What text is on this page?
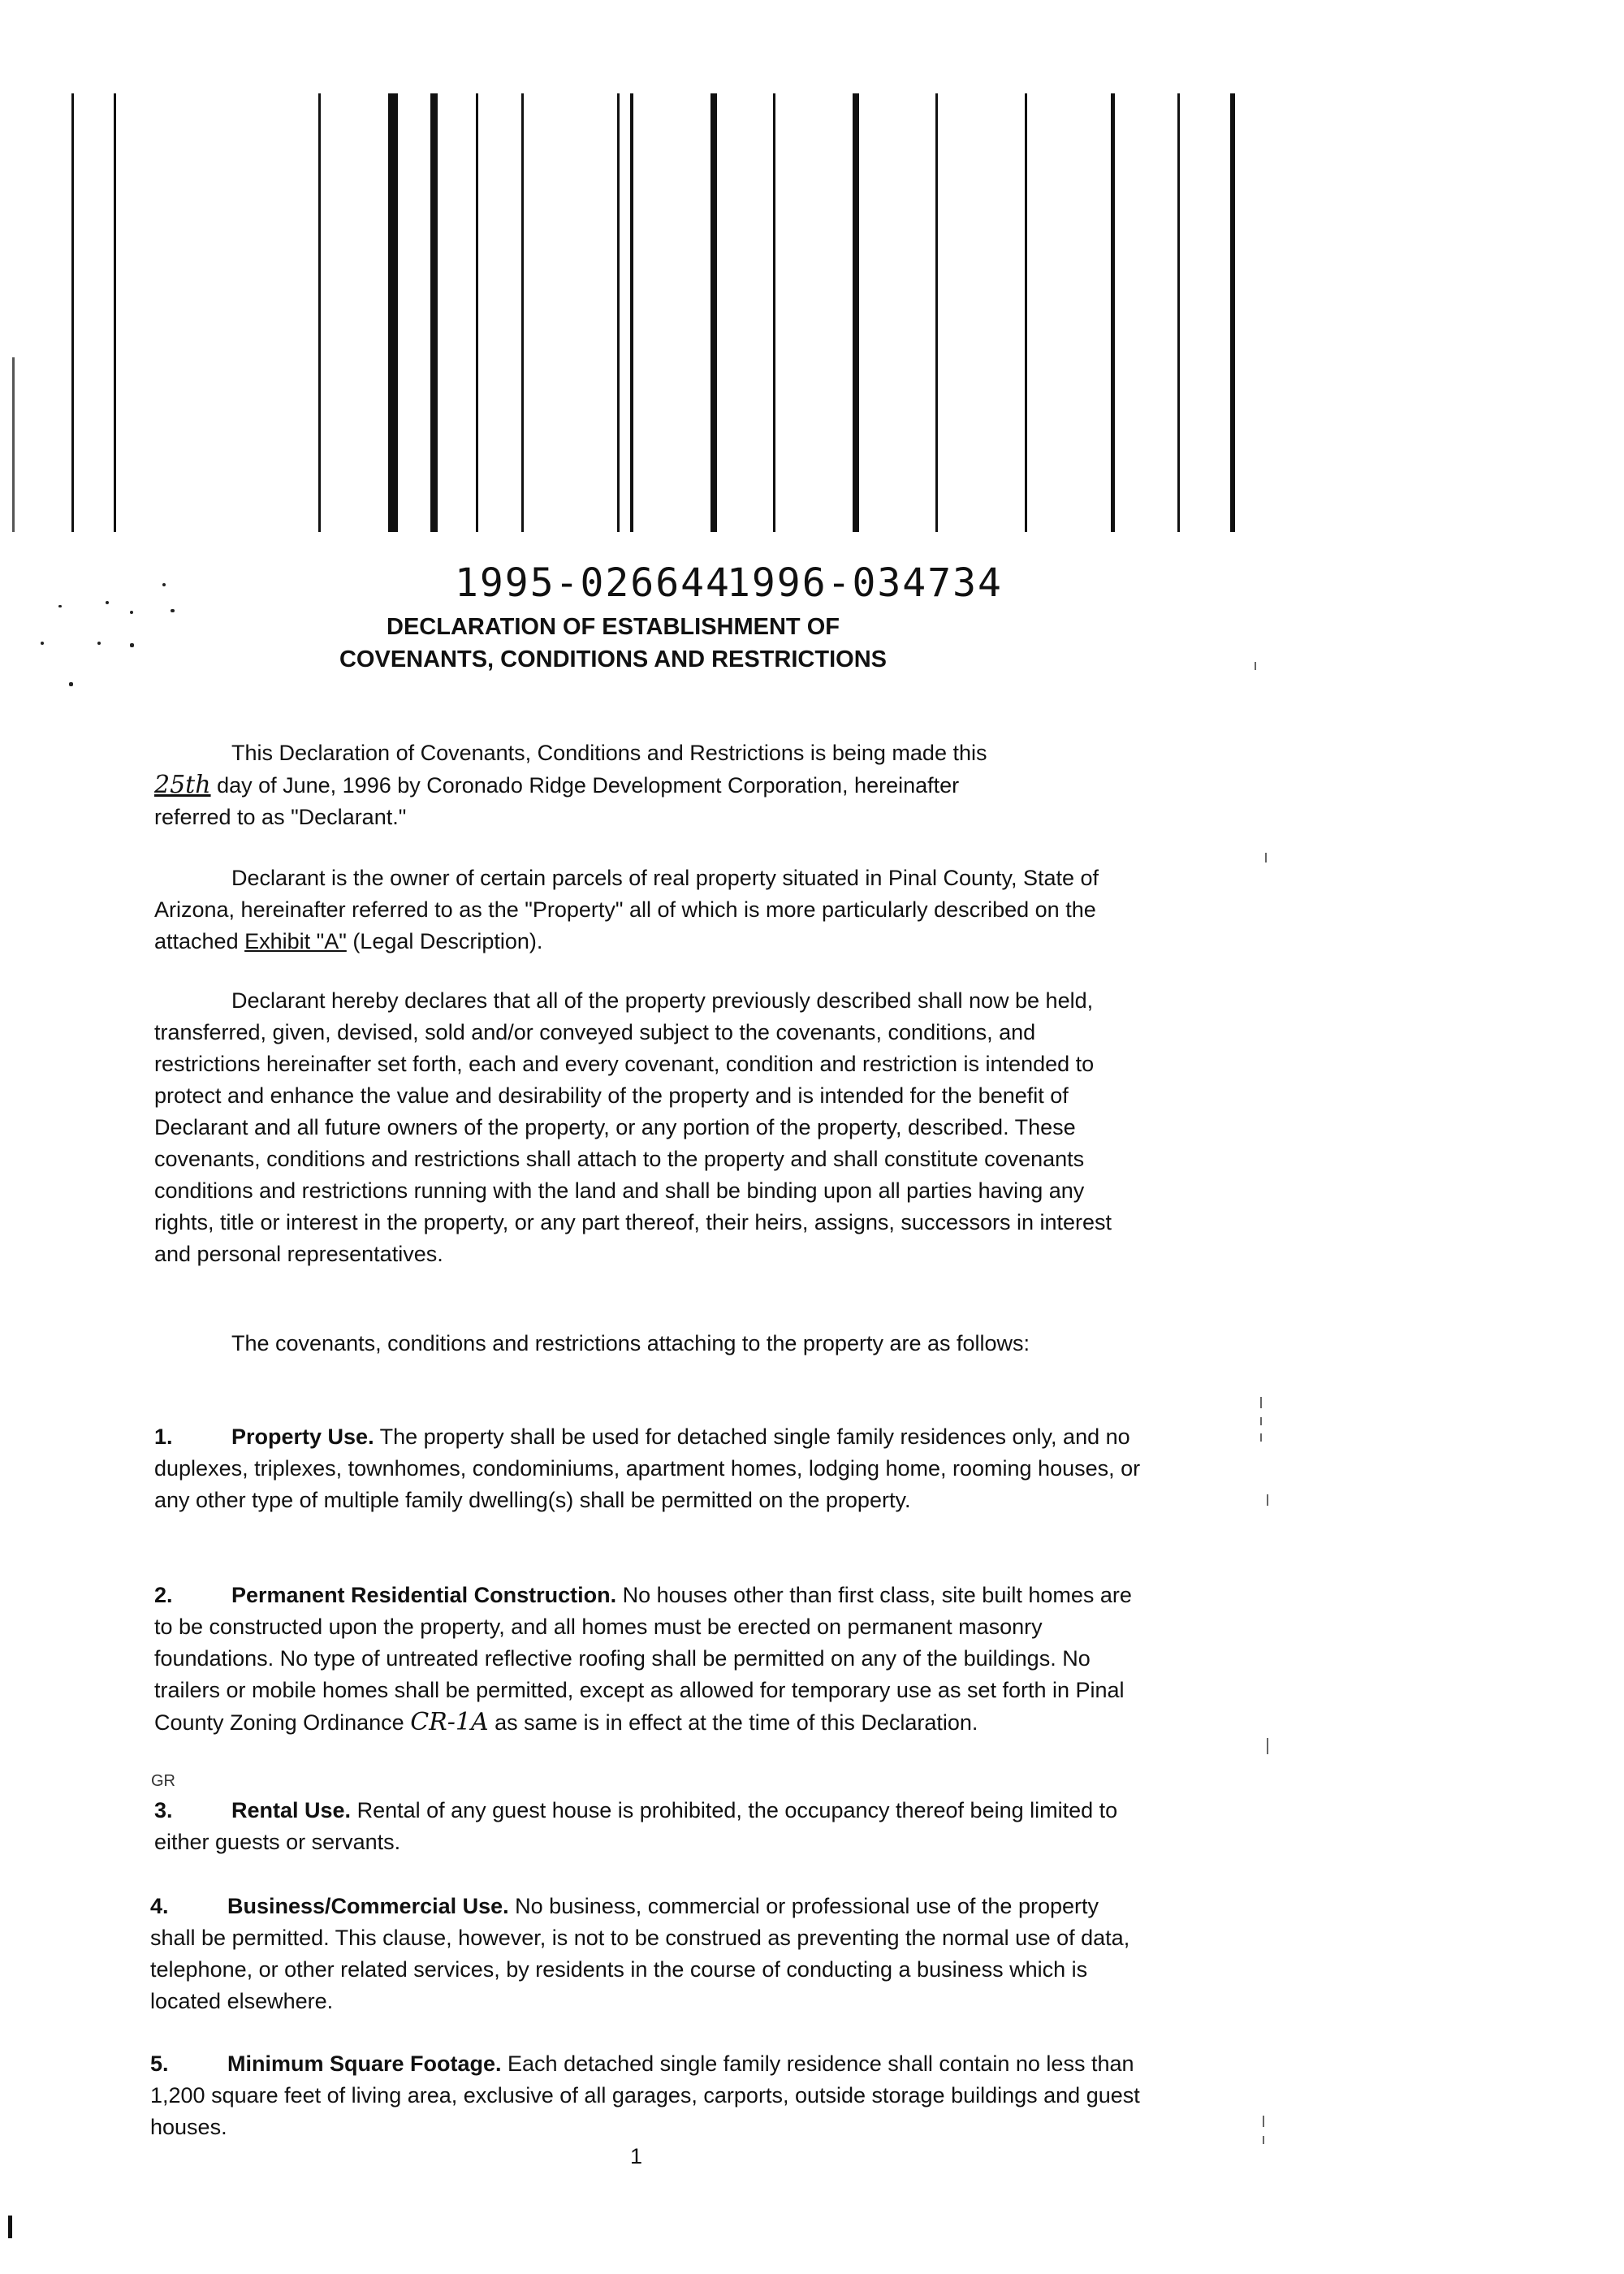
1995-026644
1996-034734
DECLARATION OF ESTABLISHMENT OF
COVENANTS, CONDITIONS AND RESTRICTIONS
This Declaration of Covenants, Conditions and Restrictions is being made this
25th day of June, 1996 by Coronado Ridge Development Corporation, hereinafter
referred to as "Declarant."
Declarant is the owner of certain parcels of real property situated in Pinal County, State of Arizona, hereinafter referred to as the "Property" all of which is more particularly described on the attached Exhibit "A" (Legal Description).
Declarant hereby declares that all of the property previously described shall now be held, transferred, given, devised, sold and/or conveyed subject to the covenants, conditions, and restrictions hereinafter set forth, each and every covenant, condition and restriction is intended to protect and enhance the value and desirability of the property and is intended for the benefit of Declarant and all future owners of the property, or any portion of the property, described. These covenants, conditions and restrictions shall attach to the property and shall constitute covenants conditions and restrictions running with the land and shall be binding upon all parties having any rights, title or interest in the property, or any part thereof, their heirs, assigns, successors in interest and personal representatives.
The covenants, conditions and restrictions attaching to the property are as follows:
1.	Property Use. The property shall be used for detached single family residences only, and no duplexes, triplexes, townhomes, condominiums, apartment homes, lodging home, rooming houses, or any other type of multiple family dwelling(s) shall be permitted on the property.
2.	Permanent Residential Construction. No houses other than first class, site built homes are to be constructed upon the property, and all homes must be erected on permanent masonry foundations. No type of untreated reflective roofing shall be permitted on any of the buildings. No trailers or mobile homes shall be permitted, except as allowed for temporary use as set forth in Pinal County Zoning Ordinance CR-1A as same is in effect at the time of this Declaration.
GR
3.	Rental Use. Rental of any guest house is prohibited, the occupancy thereof being limited to either guests or servants.
4.	Business/Commercial Use. No business, commercial or professional use of the property shall be permitted. This clause, however, is not to be construed as preventing the normal use of data, telephone, or other related services, by residents in the course of conducting a business which is located elsewhere.
5.	Minimum Square Footage. Each detached single family residence shall contain no less than 1,200 square feet of living area, exclusive of all garages, carports, outside storage buildings and guest houses.
1
